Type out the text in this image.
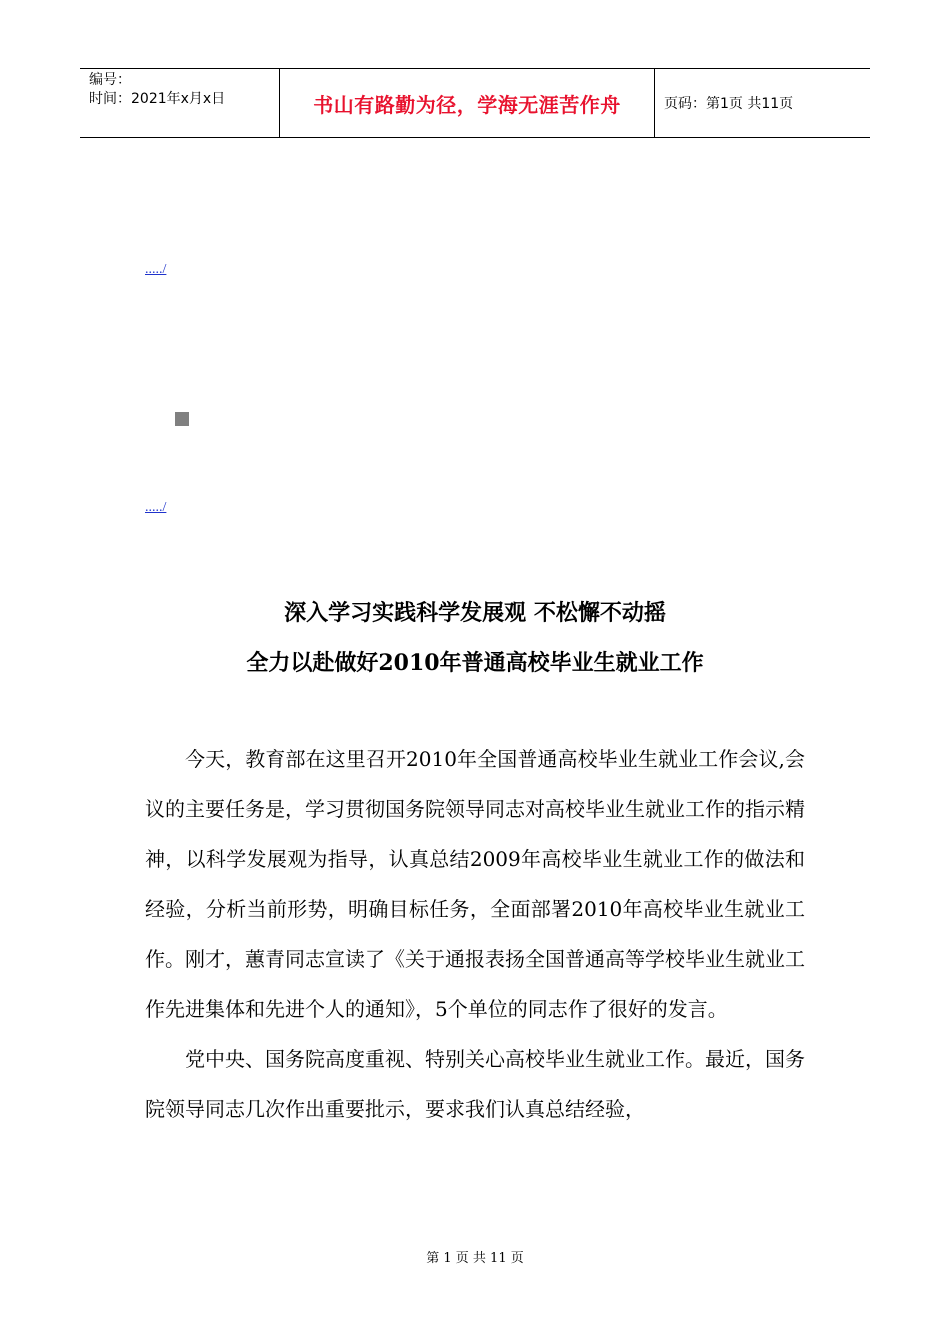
编号：
时间：2021年x月x日	书山有路勤为径，学海无涯苦作舟	页码：第1页 共11页
...../
...../
深入学习实践科学发展观 不松懈不动摇
全力以赴做好2010年普通高校毕业生就业工作

今天，教育部在这里召开2010年全国普通高校毕业生就业工作会议,会议的主要任务是，学习贯彻国务院领导同志对高校毕业生就业工作的指示精神，以科学发展观为指导，认真总结2009年高校毕业生就业工作的做法和经验，分析当前形势，明确目标任务，全面部署2010年高校毕业生就业工作。刚才，蕙青同志宣读了《关于通报表扬全国普通高等学校毕业生就业工作先进集体和先进个人的通知》，5个单位的同志作了很好的发言。

党中央、国务院高度重视、特别关心高校毕业生就业工作。最近，国务院领导同志几次作出重要批示，要求我们认真总结经验，

第 1 页 共 11 页
